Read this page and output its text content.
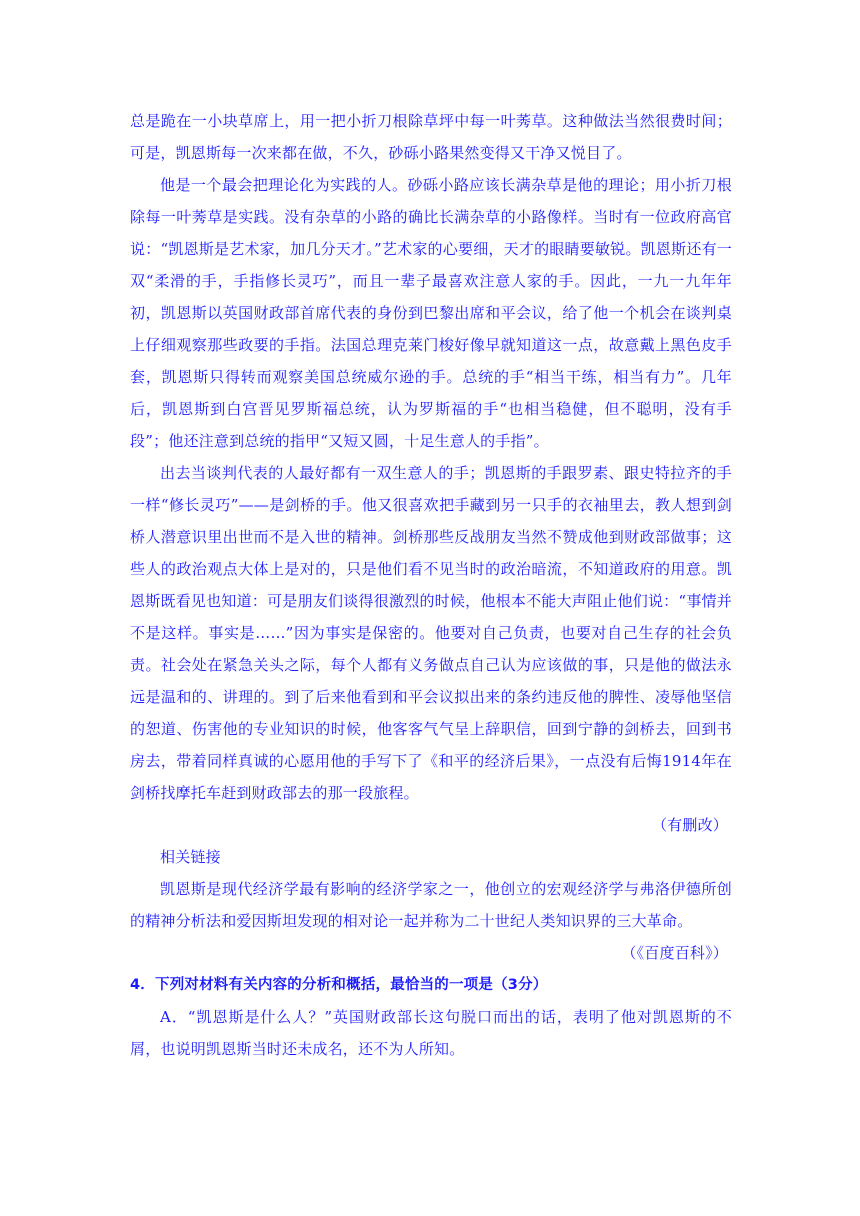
总是跪在一小块草席上，用一把小折刀根除草坪中每一叶莠草。这种做法当然很费时间；可是，凯恩斯每一次来都在做，不久，砂砾小路果然变得又干净又悦目了。

他是一个最会把理论化为实践的人。砂砾小路应该长满杂草是他的理论；用小折刀根除每一叶莠草是实践。没有杂草的小路的确比长满杂草的小路像样。当时有一位政府高官说：“凯恩斯是艺术家，加几分天才。”艺术家的心要细，天才的眼睛要敏锐。凯恩斯还有一双“柔滑的手，手指修长灵巧”，而且一辈子最喜欢注意人家的手。因此，一九一九年年初，凯恩斯以英国财政部首席代表的身份到巴黎出席和平会议，给了他一个机会在谈判桌上仔细观察那些政要的手指。法国总理克莱门梭好像早就知道这一点，故意戴上黑色皮手套，凯恩斯只得转而观察美国总统威尔逊的手。总统的手“相当干练，相当有力”。几年后，凯恩斯到白宫晋见罗斯福总统，认为罗斯福的手“也相当稳健，但不聪明，没有手段”；他还注意到总统的指甲“又短又圆，十足生意人的手指”。

出去当谈判代表的人最好都有一双生意人的手；凯恩斯的手跟罗素、跟史特拉齐的手一样“修长灵巧”——是剑桥的手。他又很喜欢把手藏到另一只手的衣袖里去，教人想到剑桥人潜意识里出世而不是入世的精神。剑桥那些反战朋友当然不赞成他到财政部做事；这些人的政治观点大体上是对的，只是他们看不见当时的政治暗流，不知道政府的用意。凯恩斯既看见也知道：可是朋友们谈得很激烈的时候，他根本不能大声阻止他们说：“事情并不是这样。事实是……”因为事实是保密的。他要对自己负责，也要对自己生存的社会负责。社会处在紧急关头之际，每个人都有义务做点自己认为应该做的事，只是他的做法永远是温和的、讲理的。到了后来他看到和平会议拟出来的条约违反他的脾性、凌辱他坚信的恕道、伤害他的专业知识的时候，他客客气气呈上辞职信，回到宁静的剑桥去，回到书房去，带着同样真诚的心愿用他的手写下了《和平的经济后果》，一点没有后悔1914年在剑桥找摩托车赶到财政部去的那一段旅程。

（有删改）

相关链接

凯恩斯是现代经济学最有影响的经济学家之一，他创立的宏观经济学与弗洛伊德所创的精神分析法和爱因斯坦发现的相对论一起并称为二十世纪人类知识界的三大革命。

（《百度百科》）

4．下列对材料有关内容的分析和概括，最恰当的一项是（3分）

A．“凯恩斯是什么人？”英国财政部长这句脱口而出的话，表明了他对凯恩斯的不屑，也说明凯恩斯当时还未成名，还不为人所知。
